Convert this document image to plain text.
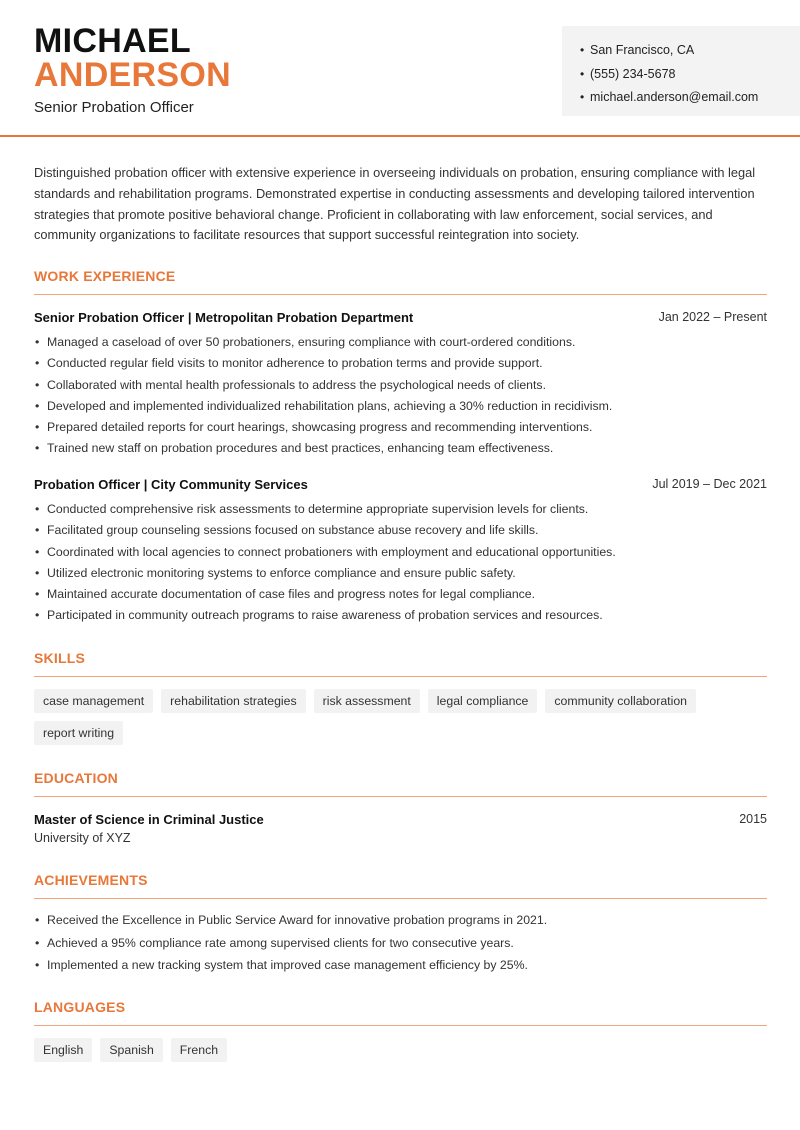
MICHAEL
ANDERSON
Senior Probation Officer
• San Francisco, CA
• (555) 234-5678
• michael.anderson@email.com

Distinguished probation officer with extensive experience in overseeing individuals on probation, ensuring compliance with legal standards and rehabilitation programs. Demonstrated expertise in conducting assessments and developing tailored intervention strategies that promote positive behavioral change. Proficient in collaborating with law enforcement, social services, and community organizations to facilitate resources that support successful reintegration into society.

WORK EXPERIENCE
Senior Probation Officer | Metropolitan Probation Department	Jan 2022 – Present
• Managed a caseload of over 50 probationers, ensuring compliance with court-ordered conditions.
• Conducted regular field visits to monitor adherence to probation terms and provide support.
• Collaborated with mental health professionals to address the psychological needs of clients.
• Developed and implemented individualized rehabilitation plans, achieving a 30% reduction in recidivism.
• Prepared detailed reports for court hearings, showcasing progress and recommending interventions.
• Trained new staff on probation procedures and best practices, enhancing team effectiveness.
Probation Officer | City Community Services	Jul 2019 – Dec 2021
• Conducted comprehensive risk assessments to determine appropriate supervision levels for clients.
• Facilitated group counseling sessions focused on substance abuse recovery and life skills.
• Coordinated with local agencies to connect probationers with employment and educational opportunities.
• Utilized electronic monitoring systems to enforce compliance and ensure public safety.
• Maintained accurate documentation of case files and progress notes for legal compliance.
• Participated in community outreach programs to raise awareness of probation services and resources.
SKILLS
case management	rehabilitation strategies	risk assessment	legal compliance	community collaboration
report writing
EDUCATION
Master of Science in Criminal Justice	2015
University of XYZ
ACHIEVEMENTS
• Received the Excellence in Public Service Award for innovative probation programs in 2021.
• Achieved a 95% compliance rate among supervised clients for two consecutive years.
• Implemented a new tracking system that improved case management efficiency by 25%.
LANGUAGES
English	Spanish	French
